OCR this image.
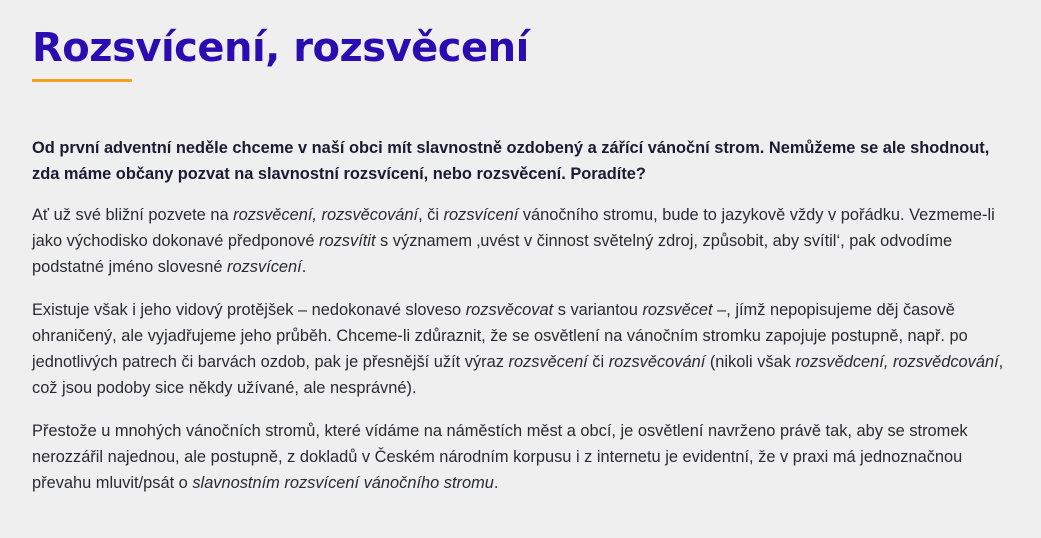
Rozsvícení, rozsvěcení

Od první adventní neděle chceme v naší obci mít slavnostně ozdobený a zářící vánoční strom. Nemůžeme se ale shodnout, zda máme občany pozvat na slavnostní rozsvícení, nebo rozsvěcení. Poradíte?

Ať už své bližní pozvete na rozsvěcení, rozsvěcování, či rozsvícení vánočního stromu, bude to jazykově vždy v pořádku. Vezmeme-li jako východisko dokonavé předponové rozsvítit s významem ‚uvést v činnost světelný zdroj, způsobit, aby svítil‘, pak odvodíme podstatné jméno slovesné rozsvícení.

Existuje však i jeho vidový protějšek – nedokonavé sloveso rozsvěcovat s variantou rozsvěcet –, jímž nepopisujeme děj časově ohraničený, ale vyjadřujeme jeho průběh. Chceme-li zdůraznit, že se osvětlení na vánočním stromku zapojuje postupně, např. po jednotlivých patrech či barvách ozdob, pak je přesnější užít výraz rozsvěcení či rozsvěcování (nikoli však rozsvědcení, rozsvědcování, což jsou podoby sice někdy užívané, ale nesprávné).

Přestože u mnohých vánočních stromů, které vídáme na náměstích měst a obcí, je osvětlení navrženo právě tak, aby se stromek nerozzářil najednou, ale postupně, z dokladů v Českém národním korpusu i z internetu je evidentní, že v praxi má jednoznačnou převahu mluvit/psát o slavnostním rozsvícení vánočního stromu.
